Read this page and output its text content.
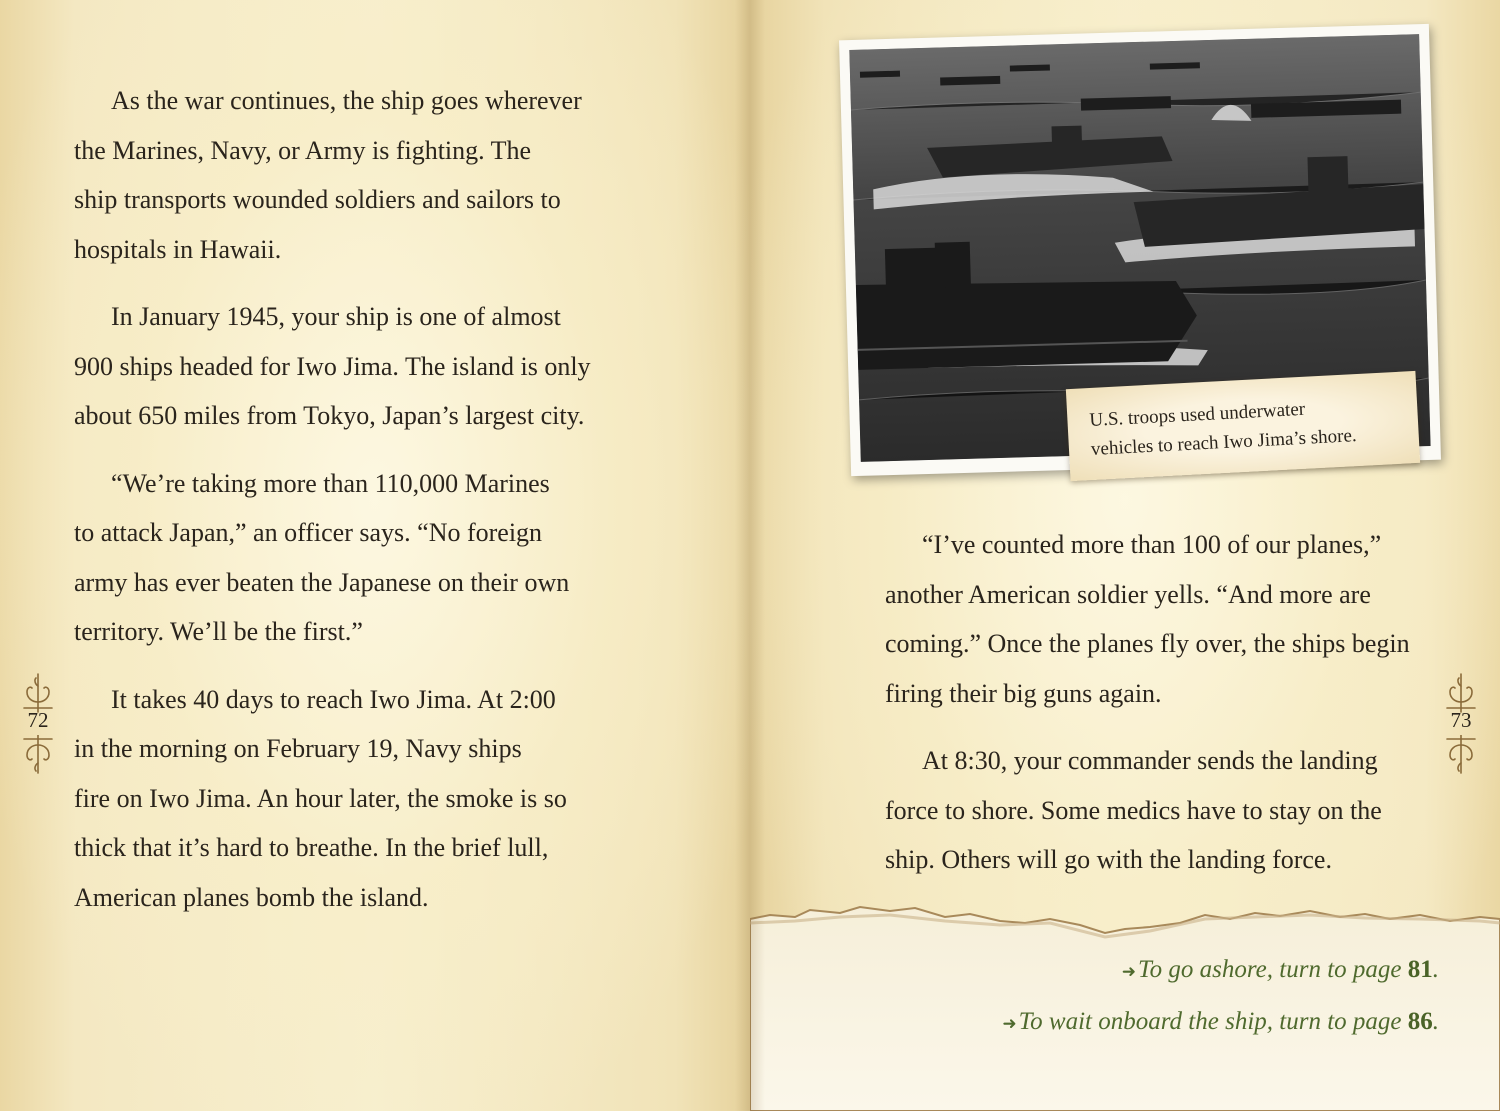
As the war continues, the ship goes wherever
the Marines, Navy, or Army is fighting. The
ship transports wounded soldiers and sailors to
hospitals in Hawaii.

In January 1945, your ship is one of almost
900 ships headed for Iwo Jima. The island is only
about 650 miles from Tokyo, Japan’s largest city.

“We’re taking more than 110,000 Marines
to attack Japan,” an officer says. “No foreign
army has ever beaten the Japanese on their own
territory. We’ll be the first.”

It takes 40 days to reach Iwo Jima. At 2:00
in the morning on February 19, Navy ships
fire on Iwo Jima. An hour later, the smoke is so
thick that it’s hard to breathe. In the brief lull,
American planes bomb the island.

72
U.S. troops used underwater
vehicles to reach Iwo Jima’s shore.

“I’ve counted more than 100 of our planes,”
another American soldier yells. “And more are
coming.” Once the planes fly over, the ships begin
firing their big guns again.

At 8:30, your commander sends the landing
force to shore. Some medics have to stay on the
ship. Others will go with the landing force.

73
➜To go ashore, turn to page 81.
➜To wait onboard the ship, turn to page 86.
